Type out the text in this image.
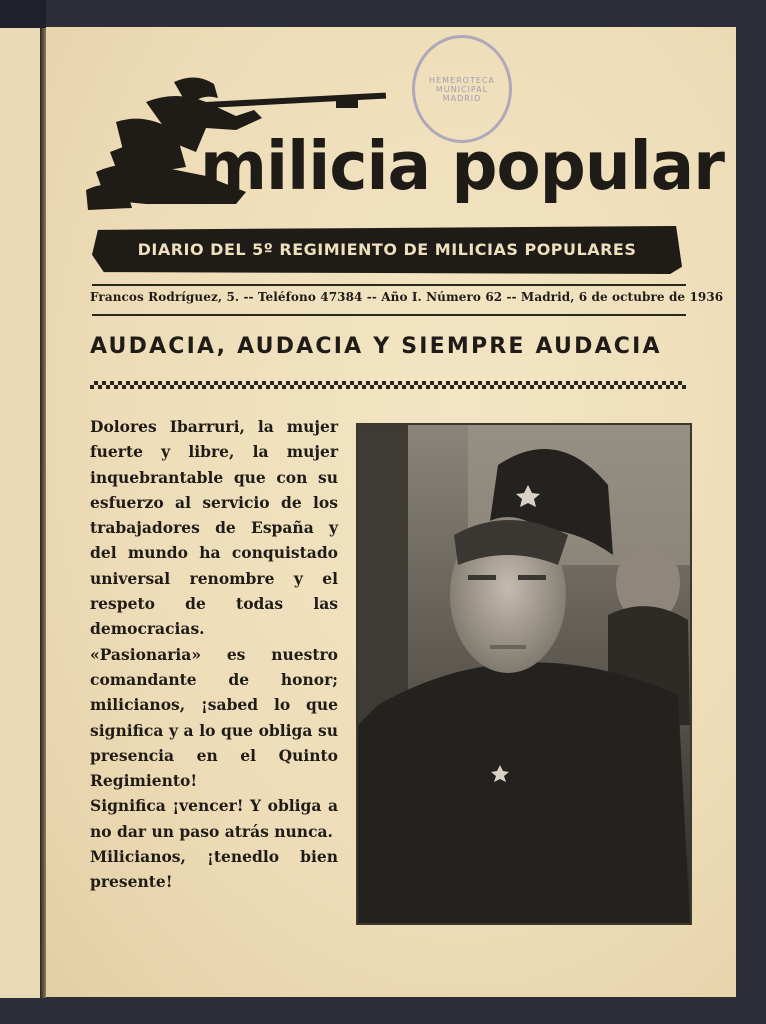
HEMEROTECA MUNICIPAL MADRID
milicia popular
DIARIO DEL 5º REGIMIENTO DE MILICIAS POPULARES
Francos Rodríguez, 5. -- Teléfono 47384 -- Año I. Número 62 -- Madrid, 6 de octubre de 1936
AUDACIA, AUDACIA Y SIEMPRE AUDACIA

Dolores Ibarruri, la mujer fuerte y libre, la mujer inquebrantable que con su esfuerzo al servicio de los trabajadores de España y del mundo ha conquistado universal renombre y el respeto de todas las democracias.

«Pasionaria» es nuestro comandante de honor; milicianos, ¡sabed lo que significa y a lo que obliga su presencia en el Quinto Regimiento!

Significa ¡vencer! Y obliga a no dar un paso atrás nunca.

Milicianos, ¡tenedlo bien presente!
